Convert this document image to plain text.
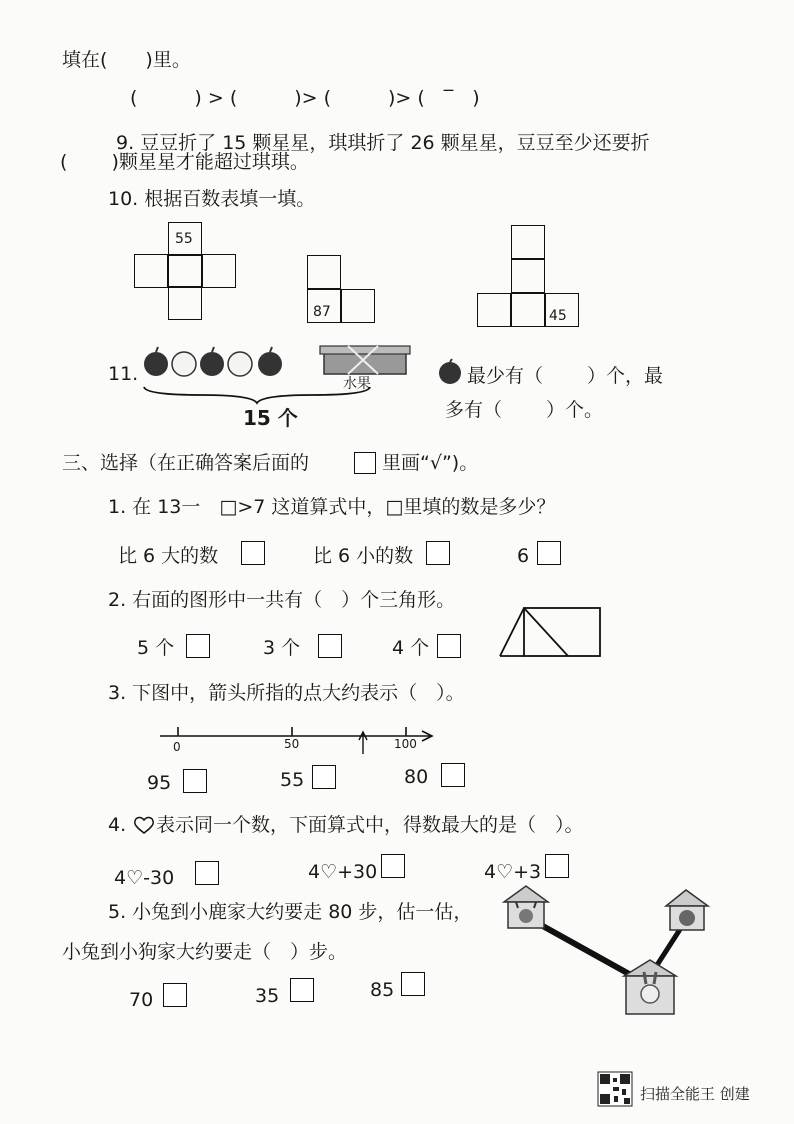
填在(　　)里。
(　　　) > (　　　)> (　　　)> (　‾　)
9. 豆豆折了 15 颗星星，琪琪折了 26 颗星星，豆豆至少还要折
(　　 )颗星星才能超过琪琪。
10. 根据百数表填一填。
55
87	45
11.	水果
15 个
最少有（　　 ）个，最
多有（　　 ）个。
三、选择（在正确答案后面的	里画“√”)。
1. 在 13一　□>7 这道算式中，□里填的数是多少？
比 6 大的数	比 6 小的数	6
2. 右面的图形中一共有（　）个三角形。
5 个	3 个	4 个
3. 下图中，箭头所指的点大约表示（　）。
0	50	100
95	55	80
4. 表示同一个数，下面算式中，得数最大的是（　）。
4♡-30	4♡+30	4♡+3
5. 小兔到小鹿家大约要走 80 步，估一估，
小兔到小狗家大约要走（　）步。
70	35	85
扫描全能王 创建
